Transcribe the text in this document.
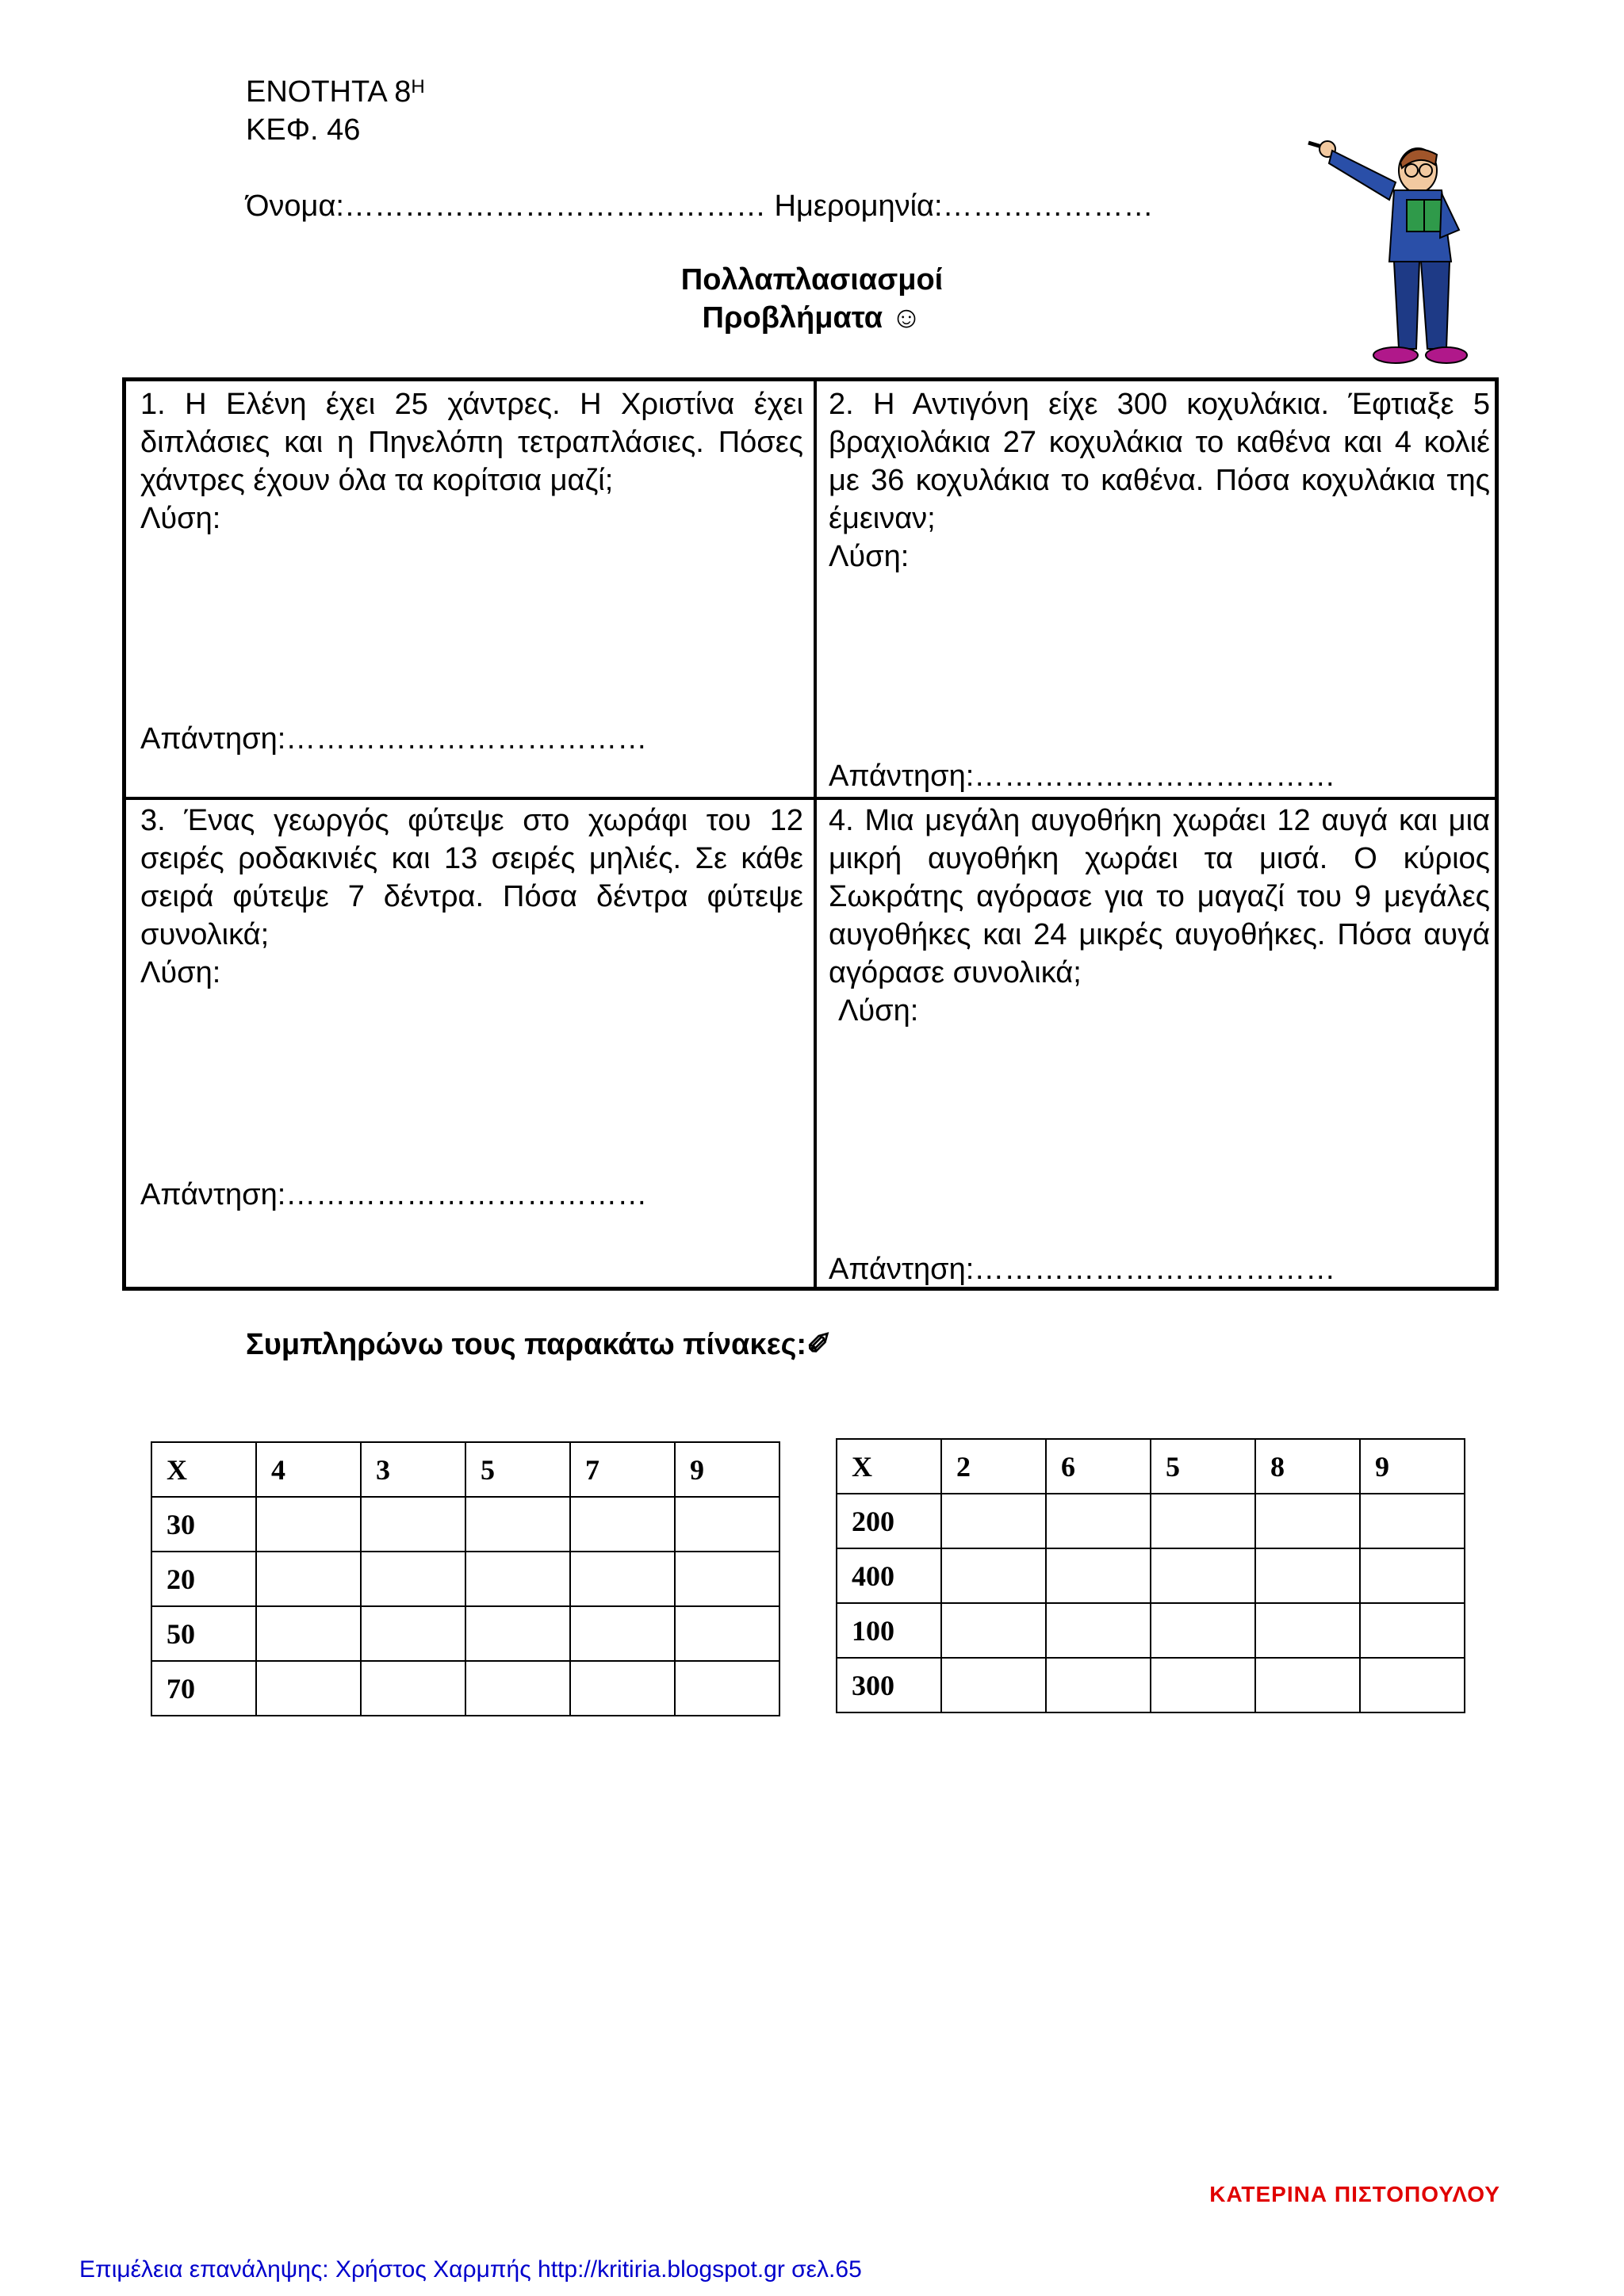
ΕΝΟΤΗΤΑ $8^H$
ΚΕΦ. 46
Όνομα:…………………………………… Ημερομηνία:…………………
Πολλαπλασιασμοί
Προβλήματα ☺

1. Η Ελένη έχει 25 χάντρες. Η Χριστίνα έχει διπλάσιες και η Πηνελόπη τετραπλάσιες. Πόσες χάντρες έχουν όλα τα κορίτσια μαζί;

Λύση:

Απάντηση:………………………………

2. Η Αντιγόνη είχε 300 κοχυλάκια. Έφτιαξε 5 βραχιολάκια 27 κοχυλάκια το καθένα και 4 κολιέ με 36 κοχυλάκια το καθένα. Πόσα κοχυλάκια της έμειναν;

Λύση:

Απάντηση:………………………………

3. Ένας γεωργός φύτεψε στο χωράφι του 12 σειρές ροδακινιές και 13 σειρές μηλιές. Σε κάθε σειρά φύτεψε 7 δέντρα. Πόσα δέντρα φύτεψε συνολικά;

Λύση:

Απάντηση:………………………………

4. Μια μεγάλη αυγοθήκη χωράει 12 αυγά και μια μικρή αυγοθήκη χωράει τα μισά. Ο κύριος Σωκράτης αγόρασε για το μαγαζί του 9 μεγάλες αυγοθήκες και 24 μικρές αυγοθήκες. Πόσα αυγά αγόρασε συνολικά;

Λύση:

Απάντηση:………………………………
Συμπληρώνω τους παρακάτω πίνακες:✐
Χ	4	3	5	7	9
30					
20					
50					
70					
Χ	2	6	5	8	9
200					
400					
100					
300					
ΚΑΤΕΡΙΝΑ ΠΙΣΤΟΠΟΥΛΟΥ
Επιμέλεια επανάληψης: Χρήστος Χαρμπής http://kritiria.blogspot.gr σελ.65
